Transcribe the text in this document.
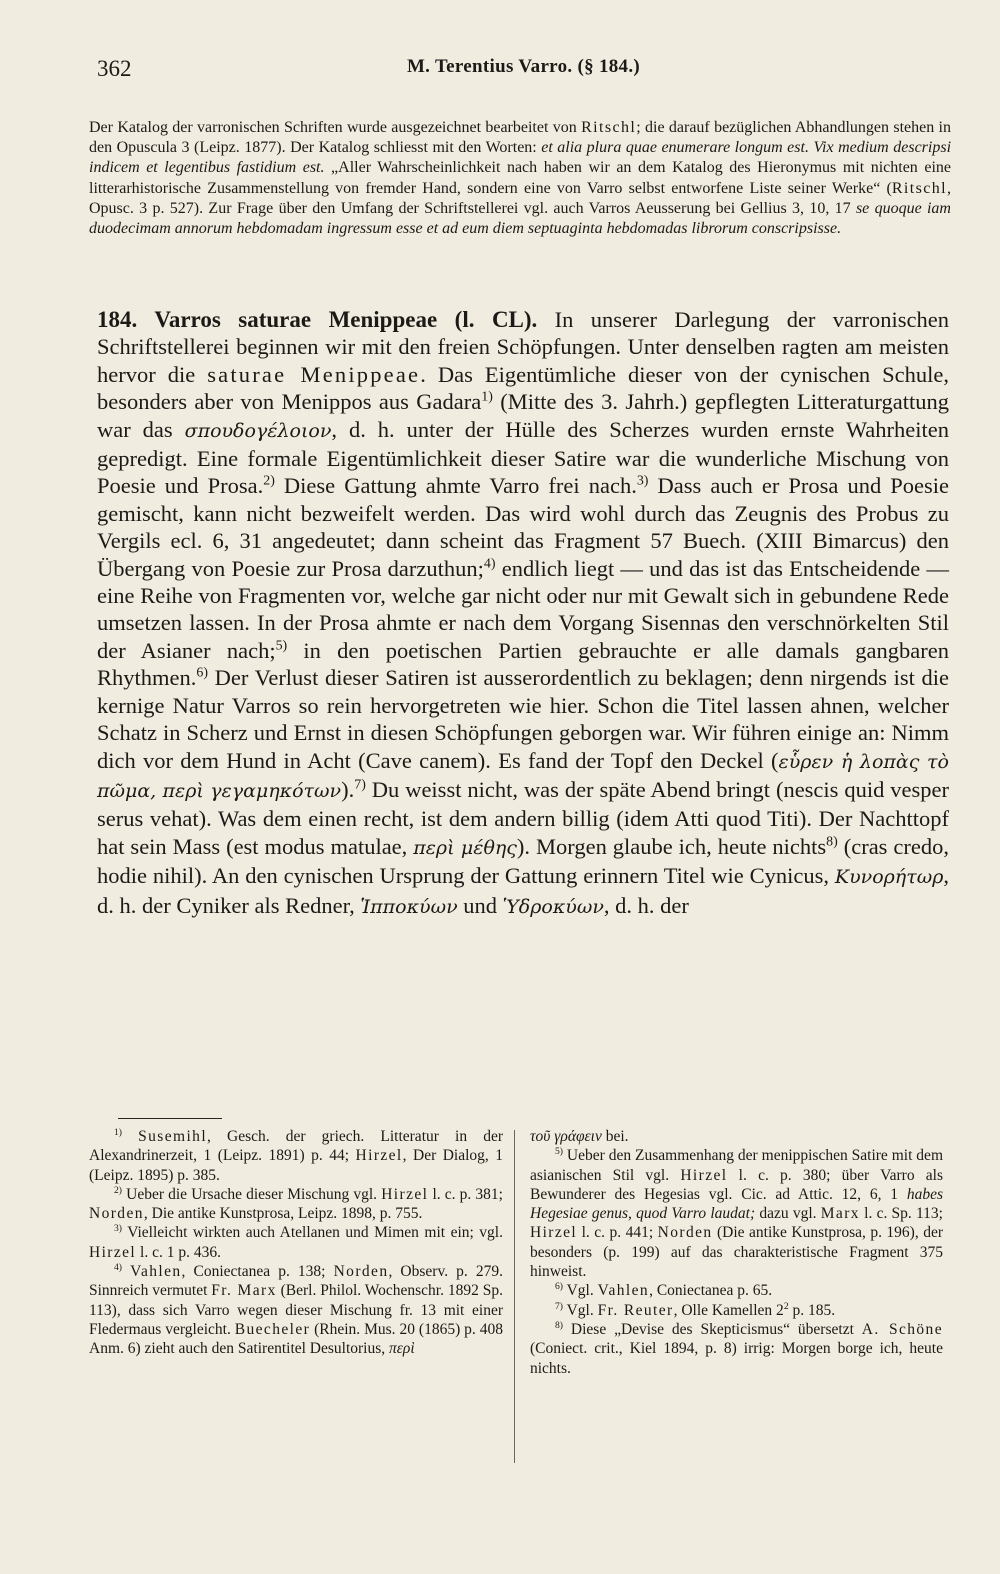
362	M. Terentius Varro. (§ 184.)
Der Katalog der varronischen Schriften wurde ausgezeichnet bearbeitet von Ritschl; die darauf bezüglichen Abhandlungen stehen in den Opuscula 3 (Leipz. 1877). Der Katalog schliesst mit den Worten: et alia plura quae enumerare longum est. Vix medium descripsi indicem et legentibus fastidium est. „Aller Wahrscheinlichkeit nach haben wir an dem Katalog des Hieronymus mit nichten eine litterarhistorische Zusammenstellung von fremder Hand, sondern eine von Varro selbst entworfene Liste seiner Werke“ (Ritschl, Opusc. 3 p. 527). Zur Frage über den Umfang der Schriftstellerei vgl. auch Varros Aeusserung bei Gellius 3, 10, 17 se quoque iam duodecimam annorum hebdomadam ingressum esse et ad eum diem septuaginta hebdomadas librorum conscripsisse.
184. Varros saturae Menippeae (l. CL). In unserer Darlegung der varronischen Schriftstellerei beginnen wir mit den freien Schöpfungen. Unter denselben ragten am meisten hervor die saturae Menippeae. Das Eigentümliche dieser von der cynischen Schule, besonders aber von Menippos aus Gadara$^{1)}$ (Mitte des 3. Jahrh.) gepflegten Litteraturgattung war das σπουδογέλοιον, d. h. unter der Hülle des Scherzes wurden ernste Wahrheiten gepredigt. Eine formale Eigentümlichkeit dieser Satire war die wunderliche Mischung von Poesie und Prosa.$^{2)}$ Diese Gattung ahmte Varro frei nach.$^{3)}$ Dass auch er Prosa und Poesie gemischt, kann nicht bezweifelt werden. Das wird wohl durch das Zeugnis des Probus zu Vergils ecl. 6, 31 angedeutet; dann scheint das Fragment 57 Buech. (XIII Bimarcus) den Übergang von Poesie zur Prosa darzuthun;$^{4)}$ endlich liegt — und das ist das Entscheidende — eine Reihe von Fragmenten vor, welche gar nicht oder nur mit Gewalt sich in gebundene Rede umsetzen lassen. In der Prosa ahmte er nach dem Vorgang Sisennas den verschnörkelten Stil der Asianer nach;$^{5)}$ in den poetischen Partien gebrauchte er alle damals gangbaren Rhythmen.$^{6)}$ Der Verlust dieser Satiren ist ausserordentlich zu beklagen; denn nirgends ist die kernige Natur Varros so rein hervorgetreten wie hier. Schon die Titel lassen ahnen, welcher Schatz in Scherz und Ernst in diesen Schöpfungen geborgen war. Wir führen einige an: Nimm dich vor dem Hund in Acht (Cave canem). Es fand der Topf den Deckel (εὗρεν ἡ λοπὰς τὸ πῶμα, περὶ γεγαμηκότων).$^{7)}$ Du weisst nicht, was der späte Abend bringt (nescis quid vesper serus vehat). Was dem einen recht, ist dem andern billig (idem Atti quod Titi). Der Nachttopf hat sein Mass (est modus matulae, περὶ μέθης). Morgen glaube ich, heute nichts$^{8)}$ (cras credo, hodie nihil). An den cynischen Ursprung der Gattung erinnern Titel wie Cynicus, Κυνορήτωρ, d. h. der Cyniker als Redner, Ἱπποκύων und Ὑδροκύων, d. h. der

$^{1)}$ Susemihl, Gesch. der griech. Litteratur in der Alexandrinerzeit, 1 (Leipz. 1891) p. 44; Hirzel, Der Dialog, 1 (Leipz. 1895) p. 385.

$^{2)}$ Ueber die Ursache dieser Mischung vgl. Hirzel l. c. p. 381; Norden, Die antike Kunstprosa, Leipz. 1898, p. 755.

$^{3)}$ Vielleicht wirkten auch Atellanen und Mimen mit ein; vgl. Hirzel l. c. 1 p. 436.

$^{4)}$ Vahlen, Coniectanea p. 138; Norden, Observ. p. 279. Sinnreich vermutet Fr. Marx (Berl. Philol. Wochenschr. 1892 Sp. 113), dass sich Varro wegen dieser Mischung fr. 13 mit einer Fledermaus vergleicht. Buecheler (Rhein. Mus. 20 (1865) p. 408 Anm. 6) zieht auch den Satirentitel Desultorius, περὶ

τοῦ γράφειν bei.

$^{5)}$ Ueber den Zusammenhang der menippischen Satire mit dem asianischen Stil vgl. Hirzel l. c. p. 380; über Varro als Bewunderer des Hegesias vgl. Cic. ad Attic. 12, 6, 1 habes Hegesiae genus, quod Varro laudat; dazu vgl. Marx l. c. Sp. 113; Hirzel l. c. p. 441; Norden (Die antike Kunstprosa, p. 196), der besonders (p. 199) auf das charakteristische Fragment 375 hinweist.

$^{6)}$ Vgl. Vahlen, Coniectanea p. 65.

$^{7)}$ Vgl. Fr. Reuter, Olle Kamellen $2^2$ p. 185.

$^{8)}$ Diese „Devise des Skepticismus“ übersetzt A. Schöne (Coniect. crit., Kiel 1894, p. 8) irrig: Morgen borge ich, heute nichts.
